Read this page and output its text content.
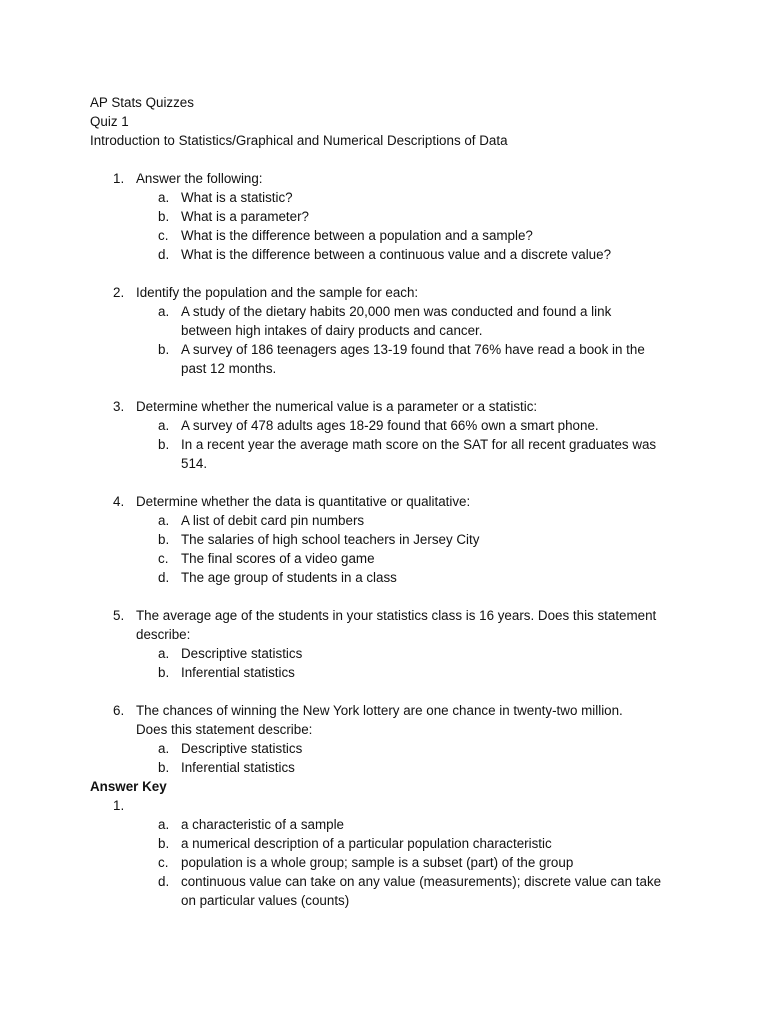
AP Stats Quizzes
Quiz 1
Introduction to Statistics/Graphical and Numerical Descriptions of Data
1. Answer the following:
a. What is a statistic?
b. What is a parameter?
c. What is the difference between a population and a sample?
d. What is the difference between a continuous value and a discrete value?
2. Identify the population and the sample for each:
a. A study of the dietary habits 20,000 men was conducted and found a link
between high intakes of dairy products and cancer.
b. A survey of 186 teenagers ages 13-19 found that 76% have read a book in the
past 12 months.
3. Determine whether the numerical value is a parameter or a statistic:
a. A survey of 478 adults ages 18-29 found that 66% own a smart phone.
b. In a recent year the average math score on the SAT for all recent graduates was
514.
4. Determine whether the data is quantitative or qualitative:
a. A list of debit card pin numbers
b. The salaries of high school teachers in Jersey City
c. The final scores of a video game
d. The age group of students in a class
5. The average age of the students in your statistics class is 16 years. Does this statement
describe:
a. Descriptive statistics
b. Inferential statistics
6. The chances of winning the New York lottery are one chance in twenty-two million.
Does this statement describe:
a. Descriptive statistics
b. Inferential statistics
Answer Key
1.
a. a characteristic of a sample
b. a numerical description of a particular population characteristic
c. population is a whole group; sample is a subset (part) of the group
d. continuous value can take on any value (measurements); discrete value can take
on particular values (counts)
